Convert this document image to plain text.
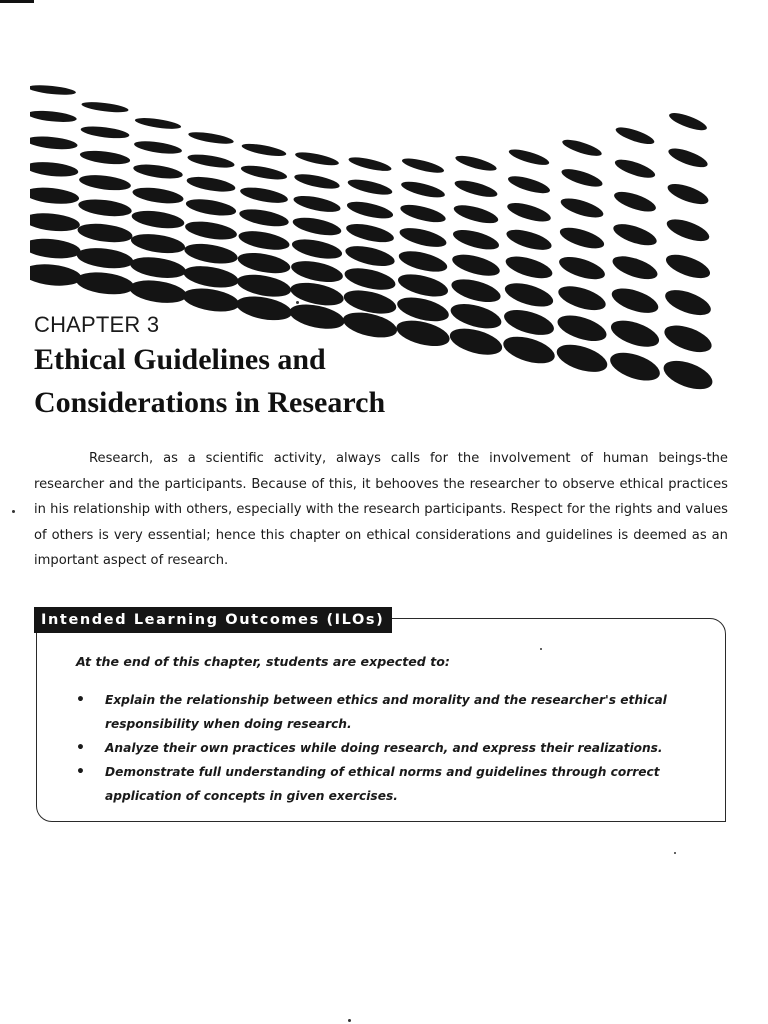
CHAPTER 3
Ethical Guidelines and
Considerations in Research

Research, as a scientific activity, always calls for the involvement of human beings-the researcher and the participants. Because of this, it behooves the researcher to observe ethical practices in his relationship with others, especially with the research participants. Respect for the rights and values of others is very essential; hence this chapter on ethical considerations and guidelines is deemed as an important aspect of research.

Intended Learning Outcomes (ILOs)
At the end of this chapter, students are expected to:
• Explain the relationship between ethics and morality and the researcher's ethical responsibility when doing research.
• Analyze their own practices while doing research, and express their realizations.
• Demonstrate full understanding of ethical norms and guidelines through correct application of concepts in given exercises.
